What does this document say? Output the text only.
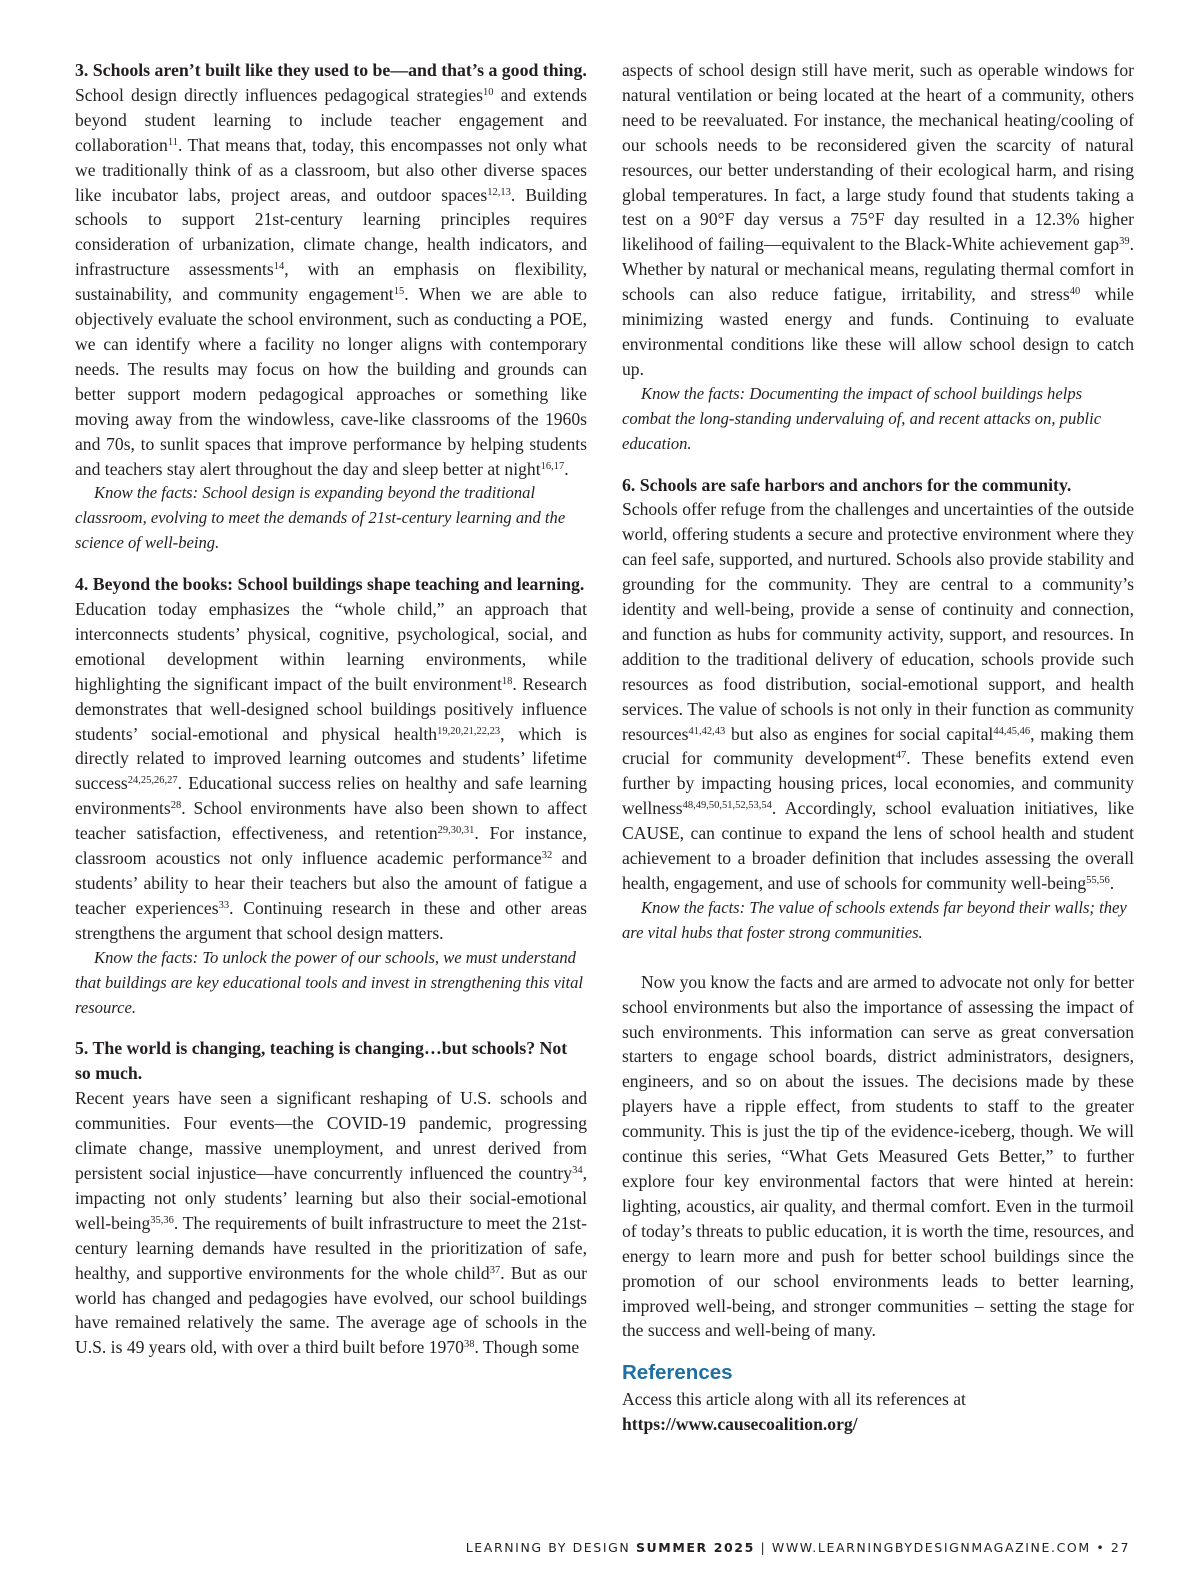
3. Schools aren’t built like they used to be—and that’s a good thing.

School design directly influences pedagogical strategies$^{10}$ and extends beyond student learning to include teacher engagement and collaboration$^{11}$. That means that, today, this encompasses not only what we traditionally think of as a classroom, but also other diverse spaces like incubator labs, project areas, and outdoor spaces$^{12,13}$. Building schools to support 21st-century learning principles requires consideration of urbanization, climate change, health indicators, and infrastructure assessments$^{14}$, with an emphasis on flexibility, sustainability, and community engagement$^{15}$. When we are able to objectively evaluate the school environment, such as conducting a POE, we can identify where a facility no longer aligns with contemporary needs. The results may focus on how the building and grounds can better support modern pedagogical approaches or something like moving away from the windowless, cave-like classrooms of the 1960s and 70s, to sunlit spaces that improve performance by helping students and teachers stay alert throughout the day and sleep better at night$^{16,17}$.

Know the facts: School design is expanding beyond the traditional classroom, evolving to meet the demands of 21st-century learning and the science of well-being.

4. Beyond the books: School buildings shape teaching and learning.

Education today emphasizes the “whole child,” an approach that interconnects students’ physical, cognitive, psychological, social, and emotional development within learning environments, while highlighting the significant impact of the built environment$^{18}$. Research demonstrates that well-designed school buildings positively influence students’ social-emotional and physical health$^{19,20,21,22,23}$, which is directly related to improved learning outcomes and students’ lifetime success$^{24,25,26,27}$. Educational success relies on healthy and safe learning environments$^{28}$. School environments have also been shown to affect teacher satisfaction, effectiveness, and retention$^{29,30,31}$. For instance, classroom acoustics not only influence academic performance$^{32}$ and students’ ability to hear their teachers but also the amount of fatigue a teacher experiences$^{33}$. Continuing research in these and other areas strengthens the argument that school design matters.

Know the facts: To unlock the power of our schools, we must understand that buildings are key educational tools and invest in strengthening this vital resource.

5. The world is changing, teaching is changing…but schools? Not so much.

Recent years have seen a significant reshaping of U.S. schools and communities. Four events—the COVID-19 pandemic, progressing climate change, massive unemployment, and unrest derived from persistent social injustice—have concurrently influenced the country$^{34}$, impacting not only students’ learning but also their social-emotional well-being$^{35,36}$. The requirements of built infrastructure to meet the 21st-century learning demands have resulted in the prioritization of safe, healthy, and supportive environments for the whole child$^{37}$. But as our world has changed and pedagogies have evolved, our school buildings have remained relatively the same. The average age of schools in the U.S. is 49 years old, with over a third built before 1970$^{38}$. Though some

aspects of school design still have merit, such as operable windows for natural ventilation or being located at the heart of a community, others need to be reevaluated. For instance, the mechanical heating/cooling of our schools needs to be reconsidered given the scarcity of natural resources, our better understanding of their ecological harm, and rising global temperatures. In fact, a large study found that students taking a test on a 90°F day versus a 75°F day resulted in a 12.3% higher likelihood of failing—equivalent to the Black-White achievement gap$^{39}$. Whether by natural or mechanical means, regulating thermal comfort in schools can also reduce fatigue, irritability, and stress$^{40}$ while minimizing wasted energy and funds. Continuing to evaluate environmental conditions like these will allow school design to catch up.

Know the facts: Documenting the impact of school buildings helps combat the long-standing undervaluing of, and recent attacks on, public education.

6. Schools are safe harbors and anchors for the community.

Schools offer refuge from the challenges and uncertainties of the outside world, offering students a secure and protective environment where they can feel safe, supported, and nurtured. Schools also provide stability and grounding for the community. They are central to a community’s identity and well-being, provide a sense of continuity and connection, and function as hubs for community activity, support, and resources. In addition to the traditional delivery of education, schools provide such resources as food distribution, social-emotional support, and health services. The value of schools is not only in their function as community resources$^{41,42,43}$ but also as engines for social capital$^{44,45,46}$, making them crucial for community development$^{47}$. These benefits extend even further by impacting housing prices, local economies, and community wellness$^{48,49,50,51,52,53,54}$. Accordingly, school evaluation initiatives, like CAUSE, can continue to expand the lens of school health and student achievement to a broader definition that includes assessing the overall health, engagement, and use of schools for community well-being$^{55,56}$.

Know the facts: The value of schools extends far beyond their walls; they are vital hubs that foster strong communities.

Now you know the facts and are armed to advocate not only for better school environments but also the importance of assessing the impact of such environments. This information can serve as great conversation starters to engage school boards, district administrators, designers, engineers, and so on about the issues. The decisions made by these players have a ripple effect, from students to staff to the greater community. This is just the tip of the evidence-iceberg, though. We will continue this series, “What Gets Measured Gets Better,” to further explore four key environmental factors that were hinted at herein: lighting, acoustics, air quality, and thermal comfort. Even in the turmoil of today’s threats to public education, it is worth the time, resources, and energy to learn more and push for better school buildings since the promotion of our school environments leads to better learning, improved well-being, and stronger communities – setting the stage for the success and well-being of many.

References

Access this article along with all its references at

https://www.causecoalition.org/

LEARNING BY DESIGN SUMMER 2025 | WWW.LEARNINGBYDESIGNMAGAZINE.COM • 27
